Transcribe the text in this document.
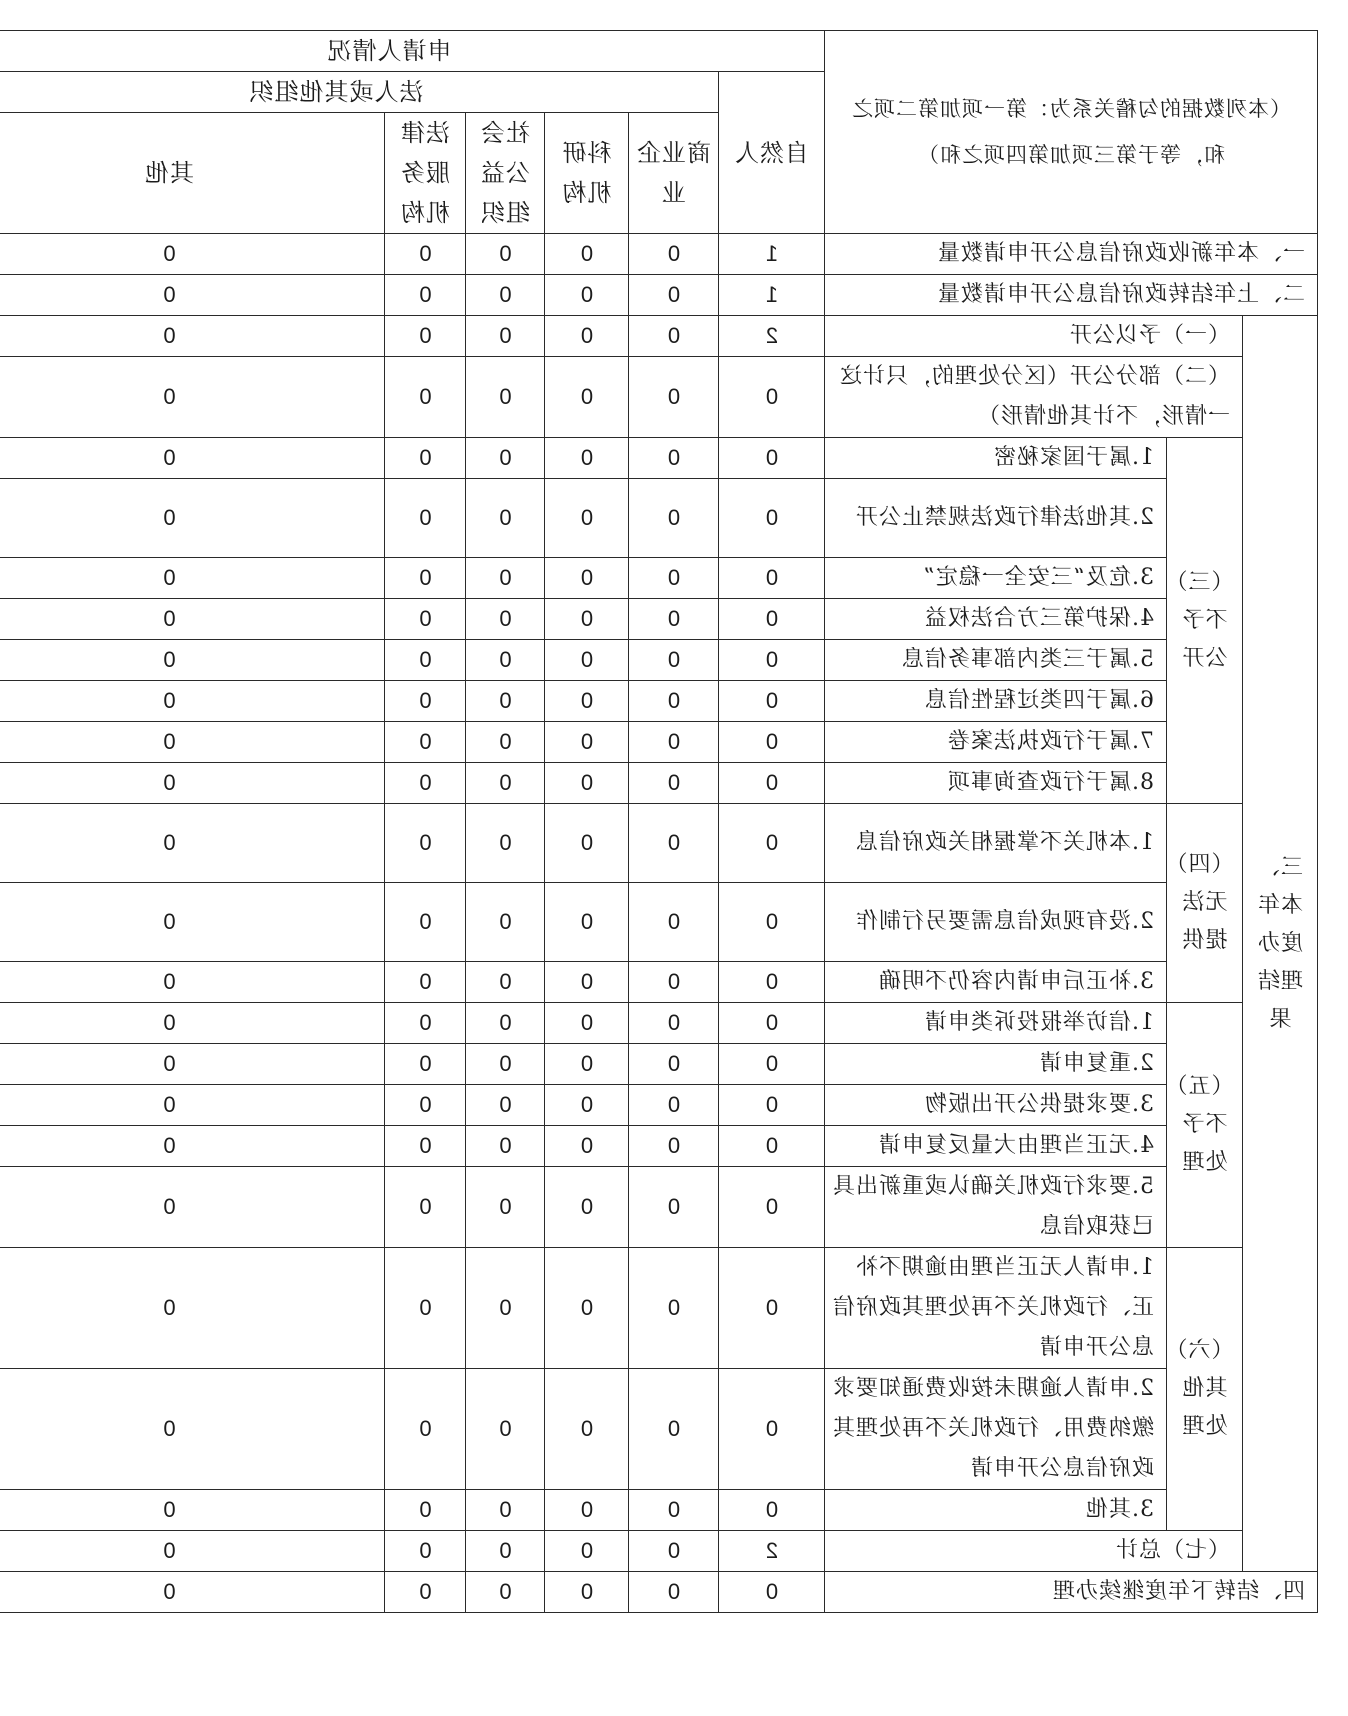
（本列数据的勾稽关系为：第一项加第二项之和，等于第三项加第四项之和）			申请人情况						
			自然人	法人或其他组织	

				商业企业	科研机构	社会公益组织	法律服务机构	其他	
一、本年新收政府信息公开申请数量			1	0	0	0	0	0	
二、上年结转政府信息公开申请数量			1	0	0	0	0	0	

三、本年度办理结果	（一）予以公开		2	0	0	0	0	0	
	（二）部分公开（区分处理的，只计这一情形，不计其他情形）		0	0	0	0	0	0	

	（三）不予公开	1.属于国家秘密	0	0	0	0	0	0	
		2.其他法律行政法规禁止公开	0	0	0	0	0	0	
		3.危及“三安全一稳定”	0	0	0	0	0	0	
		4.保护第三方合法权益	0	0	0	0	0	0	
		5.属于三类内部事务信息	0	0	0	0	0	0	
		6.属于四类过程性信息	0	0	0	0	0	0	
		7.属于行政执法案卷	0	0	0	0	0	0	
		8.属于行政查询事项	0	0	0	0	0	0	

	（四）无法提供	1.本机关不掌握相关政府信息	0	0	0	0	0	0	
		2.没有现成信息需要另行制作	0	0	0	0	0	0	
		3.补正后申请内容仍不明确	0	0	0	0	0	0	

	（五）不予处理	1.信访举报投诉类申请	0	0	0	0	0	0	
		2.重复申请	0	0	0	0	0	0	
		3.要求提供公开出版物	0	0	0	0	0	0	
		4.无正当理由大量反复申请	0	0	0	0	0	0	
		5.要求行政机关确认或重新出具已获取信息	0	0	0	0	0	0	

	（六）其他处理	1.申请人无正当理由逾期不补正、行政机关不再处理其政府信息公开申请	0	0	0	0	0	0	
		2.申请人逾期未按收费通知要求缴纳费用、行政机关不再处理其政府信息公开申请	0	0	0	0	0	0	
		3.其他	0	0	0	0	0	0	
	（七）总计		2	0	0	0	0	0	
四、结转下年度继续办理			0	0	0	0	0	0	
